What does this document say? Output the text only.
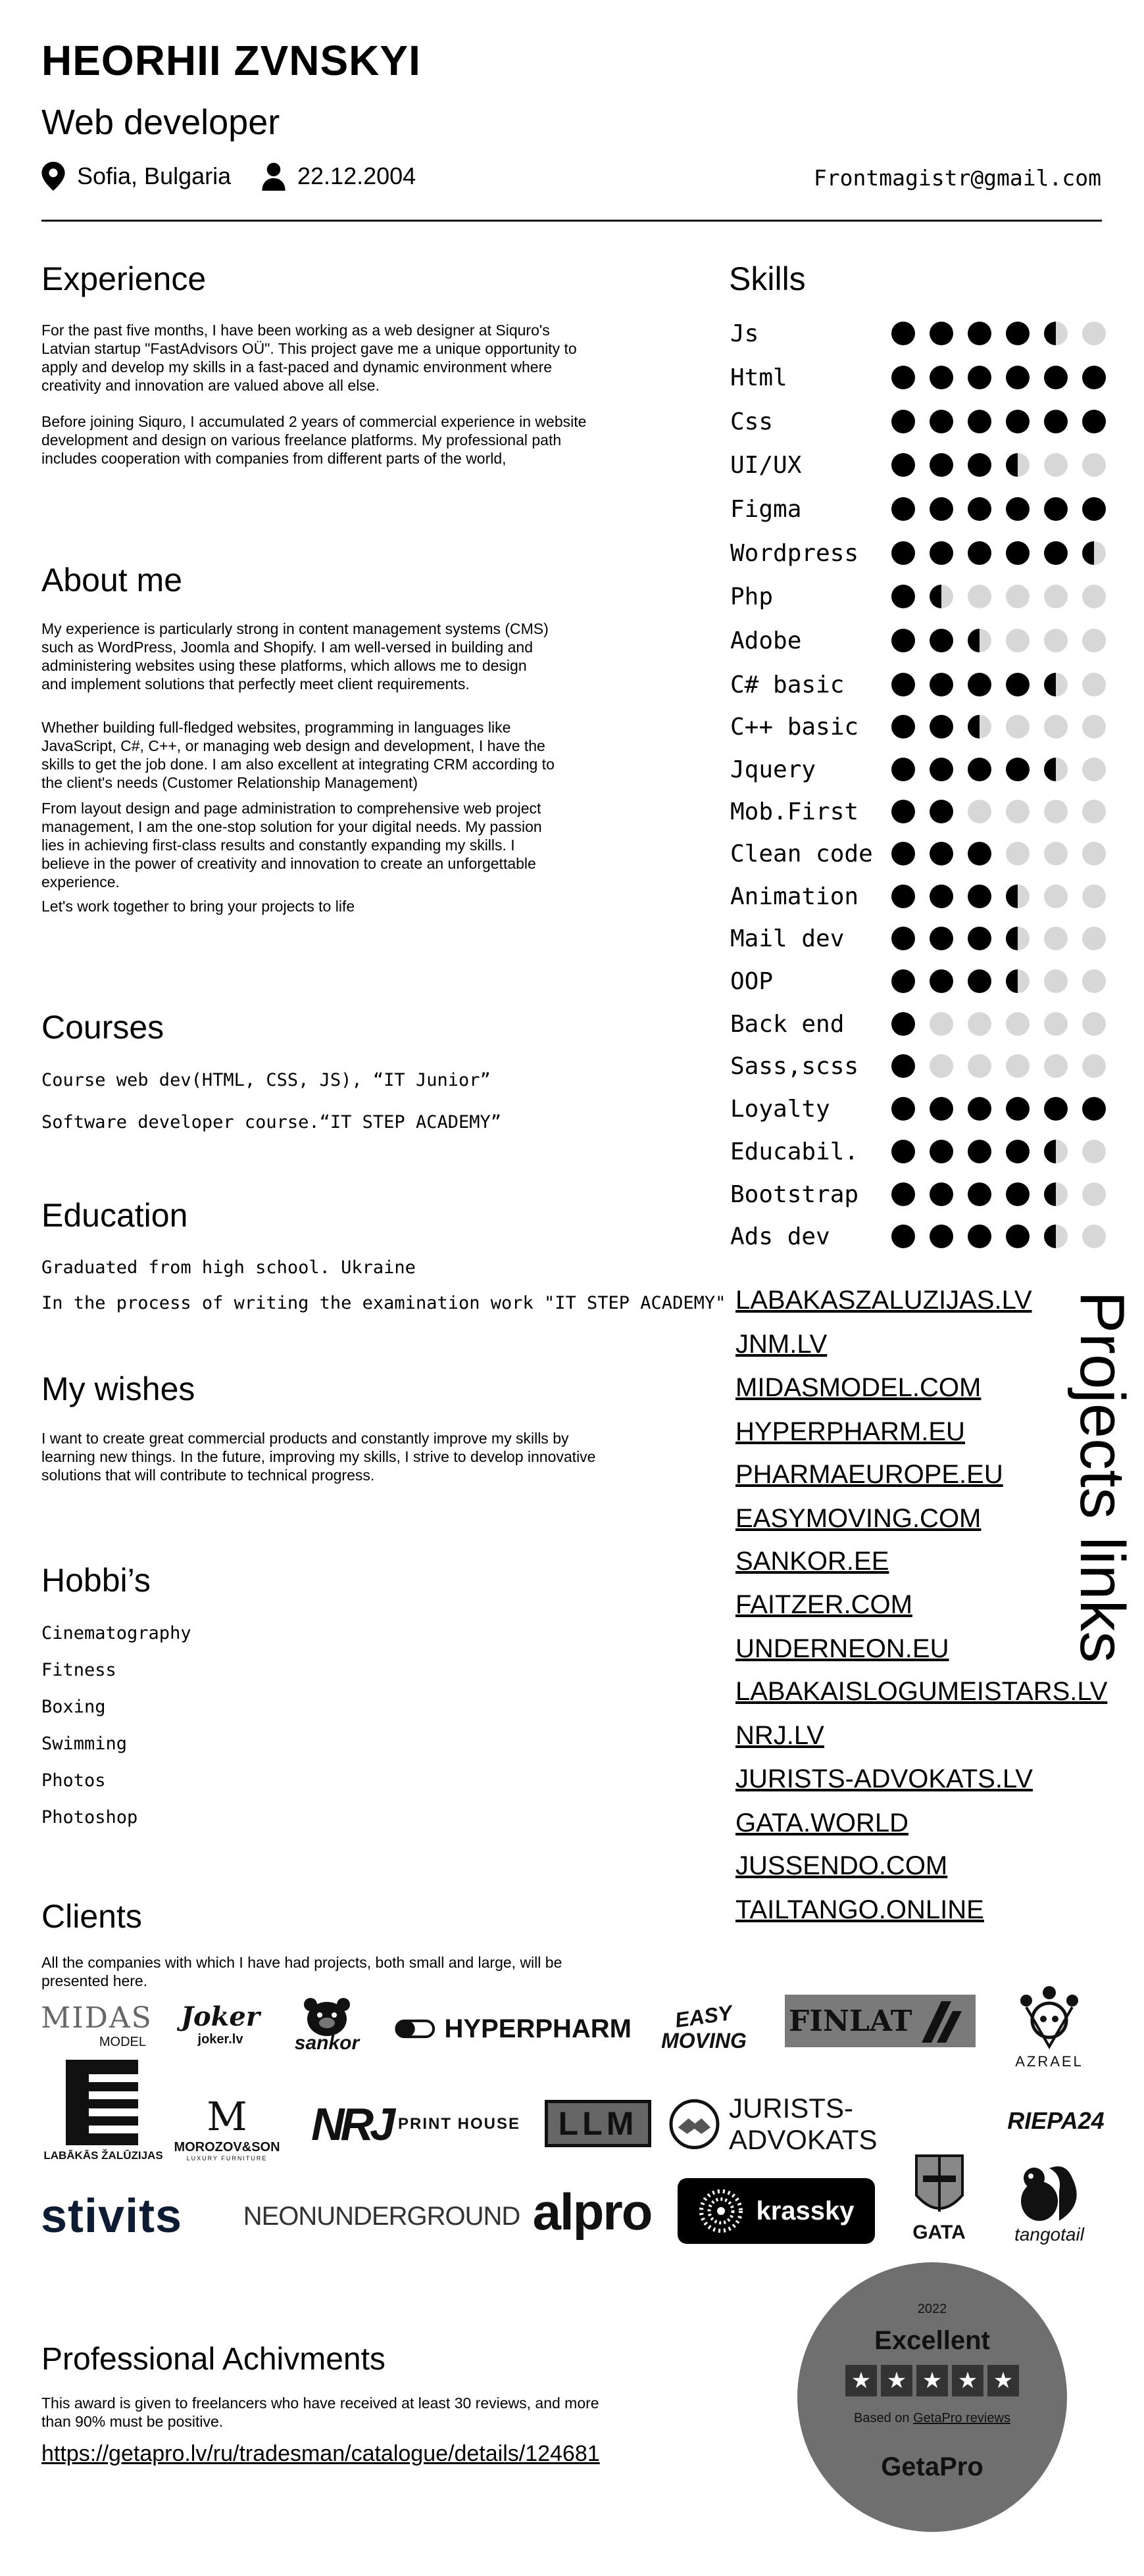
HEORHII ZVNSKYI
Web developer
Sofia, Bulgaria	22.12.2004	Frontmagistr@gmail.com
Experience

For the past five months, I have been working as a web designer at Siquro's Latvian startup "FastAdvisors OÜ". This project gave me a unique opportunity to apply and develop my skills in a fast-paced and dynamic environment where creativity and innovation are valued above all else.

Before joining Siquro, I accumulated 2 years of commercial experience in website development and design on various freelance platforms. My professional path includes cooperation with companies from different parts of the world,

About me

My experience is particularly strong in content management systems (CMS) such as WordPress, Joomla and Shopify. I am well-versed in building and administering websites using these platforms, which allows me to design and implement solutions that perfectly meet client requirements.

Whether building full-fledged websites, programming in languages like JavaScript, C#, C++, or managing web design and development, I have the skills to get the job done. I am also excellent at integrating CRM according to the client's needs (Customer Relationship Management)

From layout design and page administration to comprehensive web project management, I am the one-stop solution for your digital needs. My passion lies in achieving first-class results and constantly expanding my skills. I believe in the power of creativity and innovation to create an unforgettable experience.

Let's work together to bring your projects to life

Courses
Course web dev(HTML, CSS, JS), “IT Junior”
Software developer course.“IT STEP ACADEMY”
Education
Graduated from high school. Ukraine
In the process of writing the examination work "IT STEP ACADEMY"
My wishes

I want to create great commercial products and constantly improve my skills by learning new things. In the future, improving my skills, I strive to develop innovative solutions that will contribute to technical progress.

Hobbi’s
Cinematography
Fitness
Boxing
Swimming
Photos
Photoshop
Clients

All the companies with which I have had projects, both small and large, will be presented here.

MIDAS
MODEL
Joker
joker.lv	sankor	HYPERPHARM EASY
MOVING
FINLAT
AZRAEL
LABĀKĀS ŽALŪZIJAS
M
MOROZOV&SON
LUXURY FURNITURE
NRJ PRINT HOUSE LLM	JURISTS-ADVOKATS
RIEPA24
stivits NEONUNDERGROUND alpro	krassky
GATA	tangotail
Professional Achivments

This award is given to freelancers who have received at least 30 reviews, and more than 90% must be positive.

https://getapro.lv/ru/tradesman/catalogue/details/124681
2022
Excellent
★ ★ ★ ★ ★
Based on GetaPro reviews
GetaPro
Skills
Js
Html
Css
UI/UX
Figma
Wordpress
Php
Adobe
C# basic
C++ basic
Jquery
Mob.First
Clean code
Animation
Mail dev
OOP
Back end
Sass,scss
Loyalty
Educabil.
Bootstrap
Ads dev
Projects links
LABAKASZALUZIJAS.LV
JNM.LV
MIDASMODEL.COM
HYPERPHARM.EU
PHARMAEUROPE.EU
EASYMOVING.COM
SANKOR.EE
FAITZER.COM
UNDERNEON.EU
LABAKAISLOGUMEISTARS.LV
NRJ.LV
JURISTS-ADVOKATS.LV
GATA.WORLD
JUSSENDO.COM
TAILTANGO.ONLINE
